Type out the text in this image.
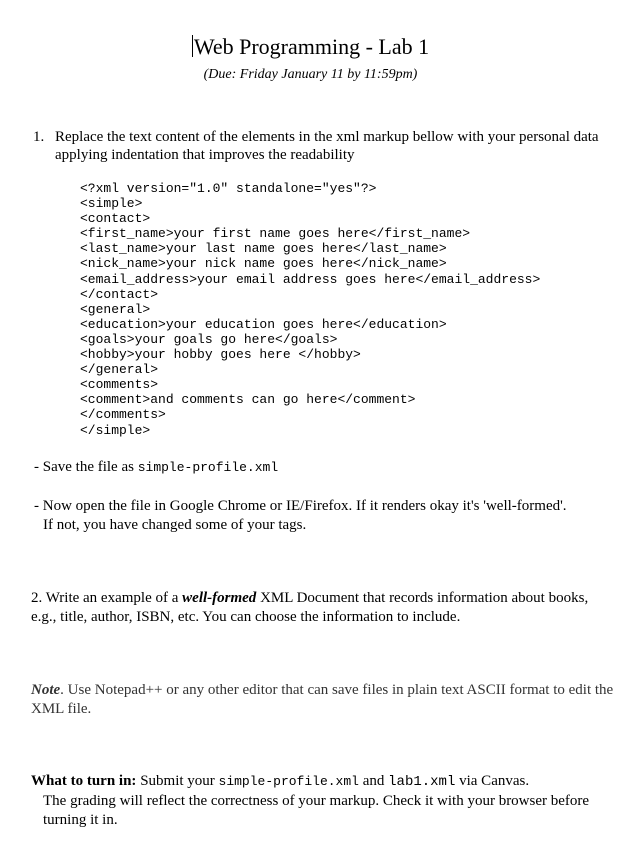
Web Programming - Lab 1
(Due: Friday January 11 by 11:59pm)
1. Replace the text content of the elements in the xml markup bellow with your personal data applying indentation that improves the readability
<?xml version="1.0" standalone="yes"?>
<simple>
<contact>
<first_name>your first name goes here</first_name>
<last_name>your last name goes here</last_name>
<nick_name>your nick name goes here</nick_name>
<email_address>your email address goes here</email_address>
</contact>
<general>
<education>your education goes here</education>
<goals>your goals go here</goals>
<hobby>your hobby goes here </hobby>
</general>
<comments>
<comment>and comments can go here</comment>
</comments>
</simple>
- Save the file as simple-profile.xml
- Now open the file in Google Chrome or IE/Firefox. If it renders okay it's 'well-formed'.
If not, you have changed some of your tags.
2. Write an example of a well-formed XML Document that records information about books, e.g., title, author, ISBN, etc. You can choose the information to include.
Note. Use Notepad++ or any other editor that can save files in plain text ASCII format to edit the XML file.
What to turn in: Submit your simple-profile.xml and lab1.xml via Canvas.
The grading will reflect the correctness of your markup. Check it with your browser before turning it in.
